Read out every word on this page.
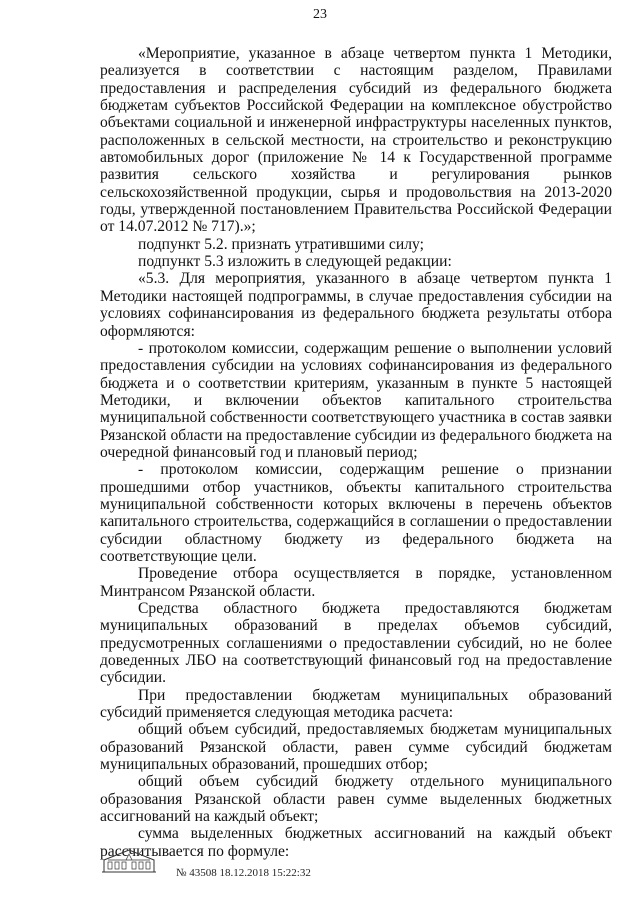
23

«Мероприятие, указанное в абзаце четвертом пункта 1 Методики, реализуется в соответствии с настоящим разделом, Правилами предоставления и распределения субсидий из федерального бюджета бюджетам субъектов Российской Федерации на комплексное обустройство объектами социальной и инженерной инфраструктуры населенных пунктов, расположенных в сельской местности, на строительство и реконструкцию автомобильных дорог (приложение № 14 к Государственной программе развития сельского хозяйства и регулирования рынков сельскохозяйственной продукции, сырья и продовольствия на 2013-2020 годы, утвержденной постановлением Правительства Российской Федерации от 14.07.2012 № 717).»;

подпункт 5.2. признать утратившими силу;

подпункт 5.3 изложить в следующей редакции:

«5.3. Для мероприятия, указанного в абзаце четвертом пункта 1 Методики настоящей подпрограммы, в случае предоставления субсидии на условиях софинансирования из федерального бюджета результаты отбора оформляются:

- протоколом комиссии, содержащим решение о выполнении условий предоставления субсидии на условиях софинансирования из федерального бюджета и о соответствии критериям, указанным в пункте 5 настоящей Методики, и включении объектов капитального строительства муниципальной собственности соответствующего участника в состав заявки Рязанской области на предоставление субсидии из федерального бюджета на очередной финансовый год и плановый период;

- протоколом комиссии, содержащим решение о признании прошедшими отбор участников, объекты капитального строительства муниципальной собственности которых включены в перечень объектов капитального строительства, содержащийся в соглашении о предоставлении субсидии областному бюджету из федерального бюджета на соответствующие цели.

Проведение отбора осуществляется в порядке, установленном Минтрансом Рязанской области.

Средства областного бюджета предоставляются бюджетам муниципальных образований в пределах объемов субсидий, предусмотренных соглашениями о предоставлении субсидий, но не более доведенных ЛБО на соответствующий финансовый год на предоставление субсидии.

При предоставлении бюджетам муниципальных образований субсидий применяется следующая методика расчета:

общий объем субсидий, предоставляемых бюджетам муниципальных образований Рязанской области, равен сумме субсидий бюджетам муниципальных образований, прошедших отбор;

общий объем субсидий бюджету отдельного муниципального образования Рязанской области равен сумме выделенных бюджетных ассигнований на каждый объект;

сумма выделенных бюджетных ассигнований на каждый объект рассчитывается по формуле:

№ 43508 18.12.2018 15:22:32
